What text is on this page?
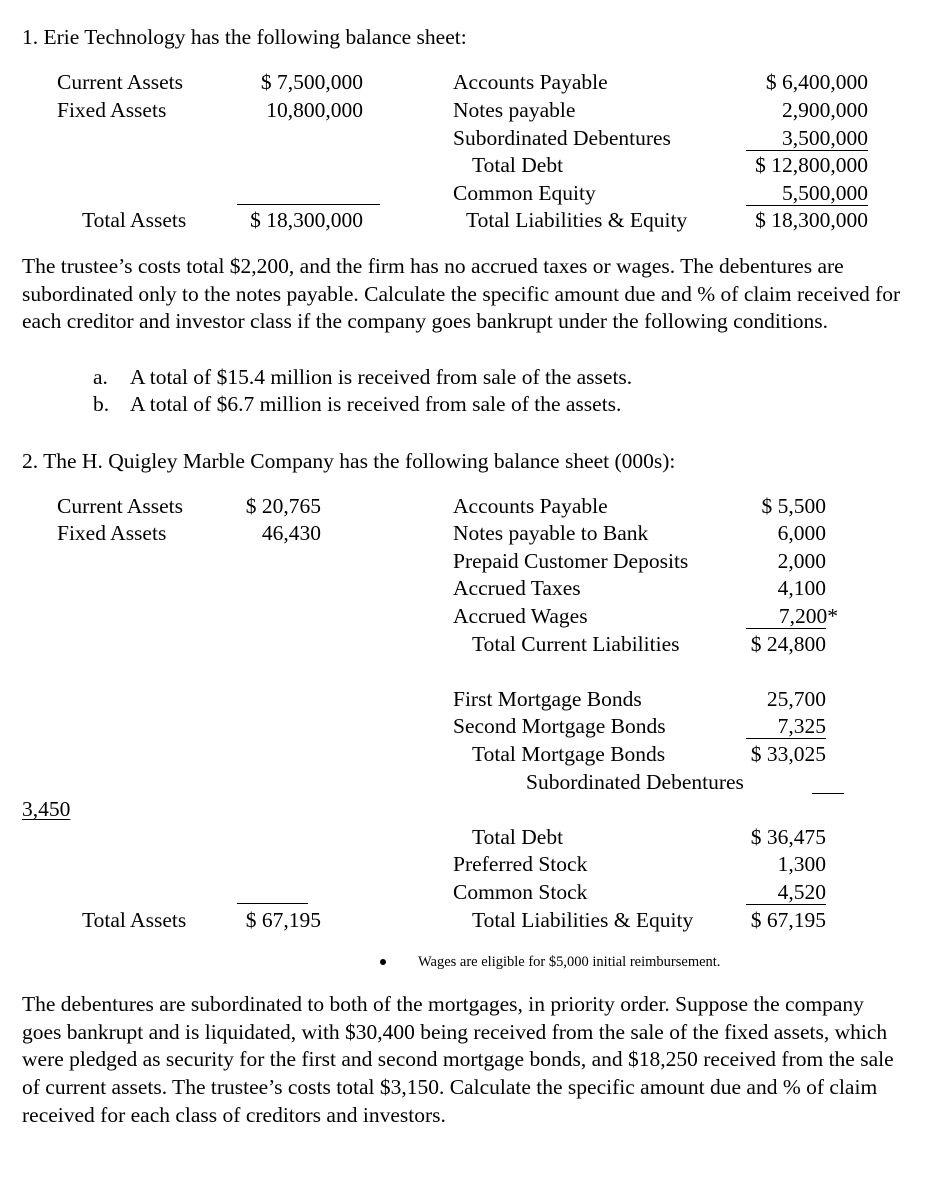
1. Erie Technology has the following balance sheet:
Current Assets	$ 7,500,000
Fixed Assets	10,800,000
Accounts Payable	$ 6,400,000
Notes payable	2,900,000
Subordinated Debentures	3,500,000
Total Debt	$ 12,800,000
Common Equity	5,500,000
Total Assets	$ 18,300,000	Total Liabilities & Equity	$ 18,300,000
The trustee’s costs total $2,200, and the firm has no accrued taxes or wages. The debentures are subordinated only to the notes payable. Calculate the specific amount due and % of claim received for each creditor and investor class if the company goes bankrupt under the following conditions.
a. A total of $15.4 million is received from sale of the assets.
b. A total of $6.7 million is received from sale of the assets.
2. The H. Quigley Marble Company has the following balance sheet (000s):
Current Assets	$ 20,765
Fixed Assets	46,430
Accounts Payable	$ 5,500
Notes payable to Bank	6,000
Prepaid Customer Deposits	2,000
Accrued Taxes	4,100
Accrued Wages	7,200*
Total Current Liabilities	$ 24,800
First Mortgage Bonds	25,700
Second Mortgage Bonds	7,325
Total Mortgage Bonds	$ 33,025
Subordinated Debentures
3,450
Total Debt	$ 36,475
Preferred Stock	1,300
Common Stock	4,520
Total Assets	$ 67,195	Total Liabilities & Equity	$ 67,195
Wages are eligible for $5,000 initial reimbursement.
The debentures are subordinated to both of the mortgages, in priority order. Suppose the company goes bankrupt and is liquidated, with $30,400 being received from the sale of the fixed assets, which were pledged as security for the first and second mortgage bonds, and $18,250 received from the sale of current assets. The trustee’s costs total $3,150. Calculate the specific amount due and % of claim received for each class of creditors and investors.
